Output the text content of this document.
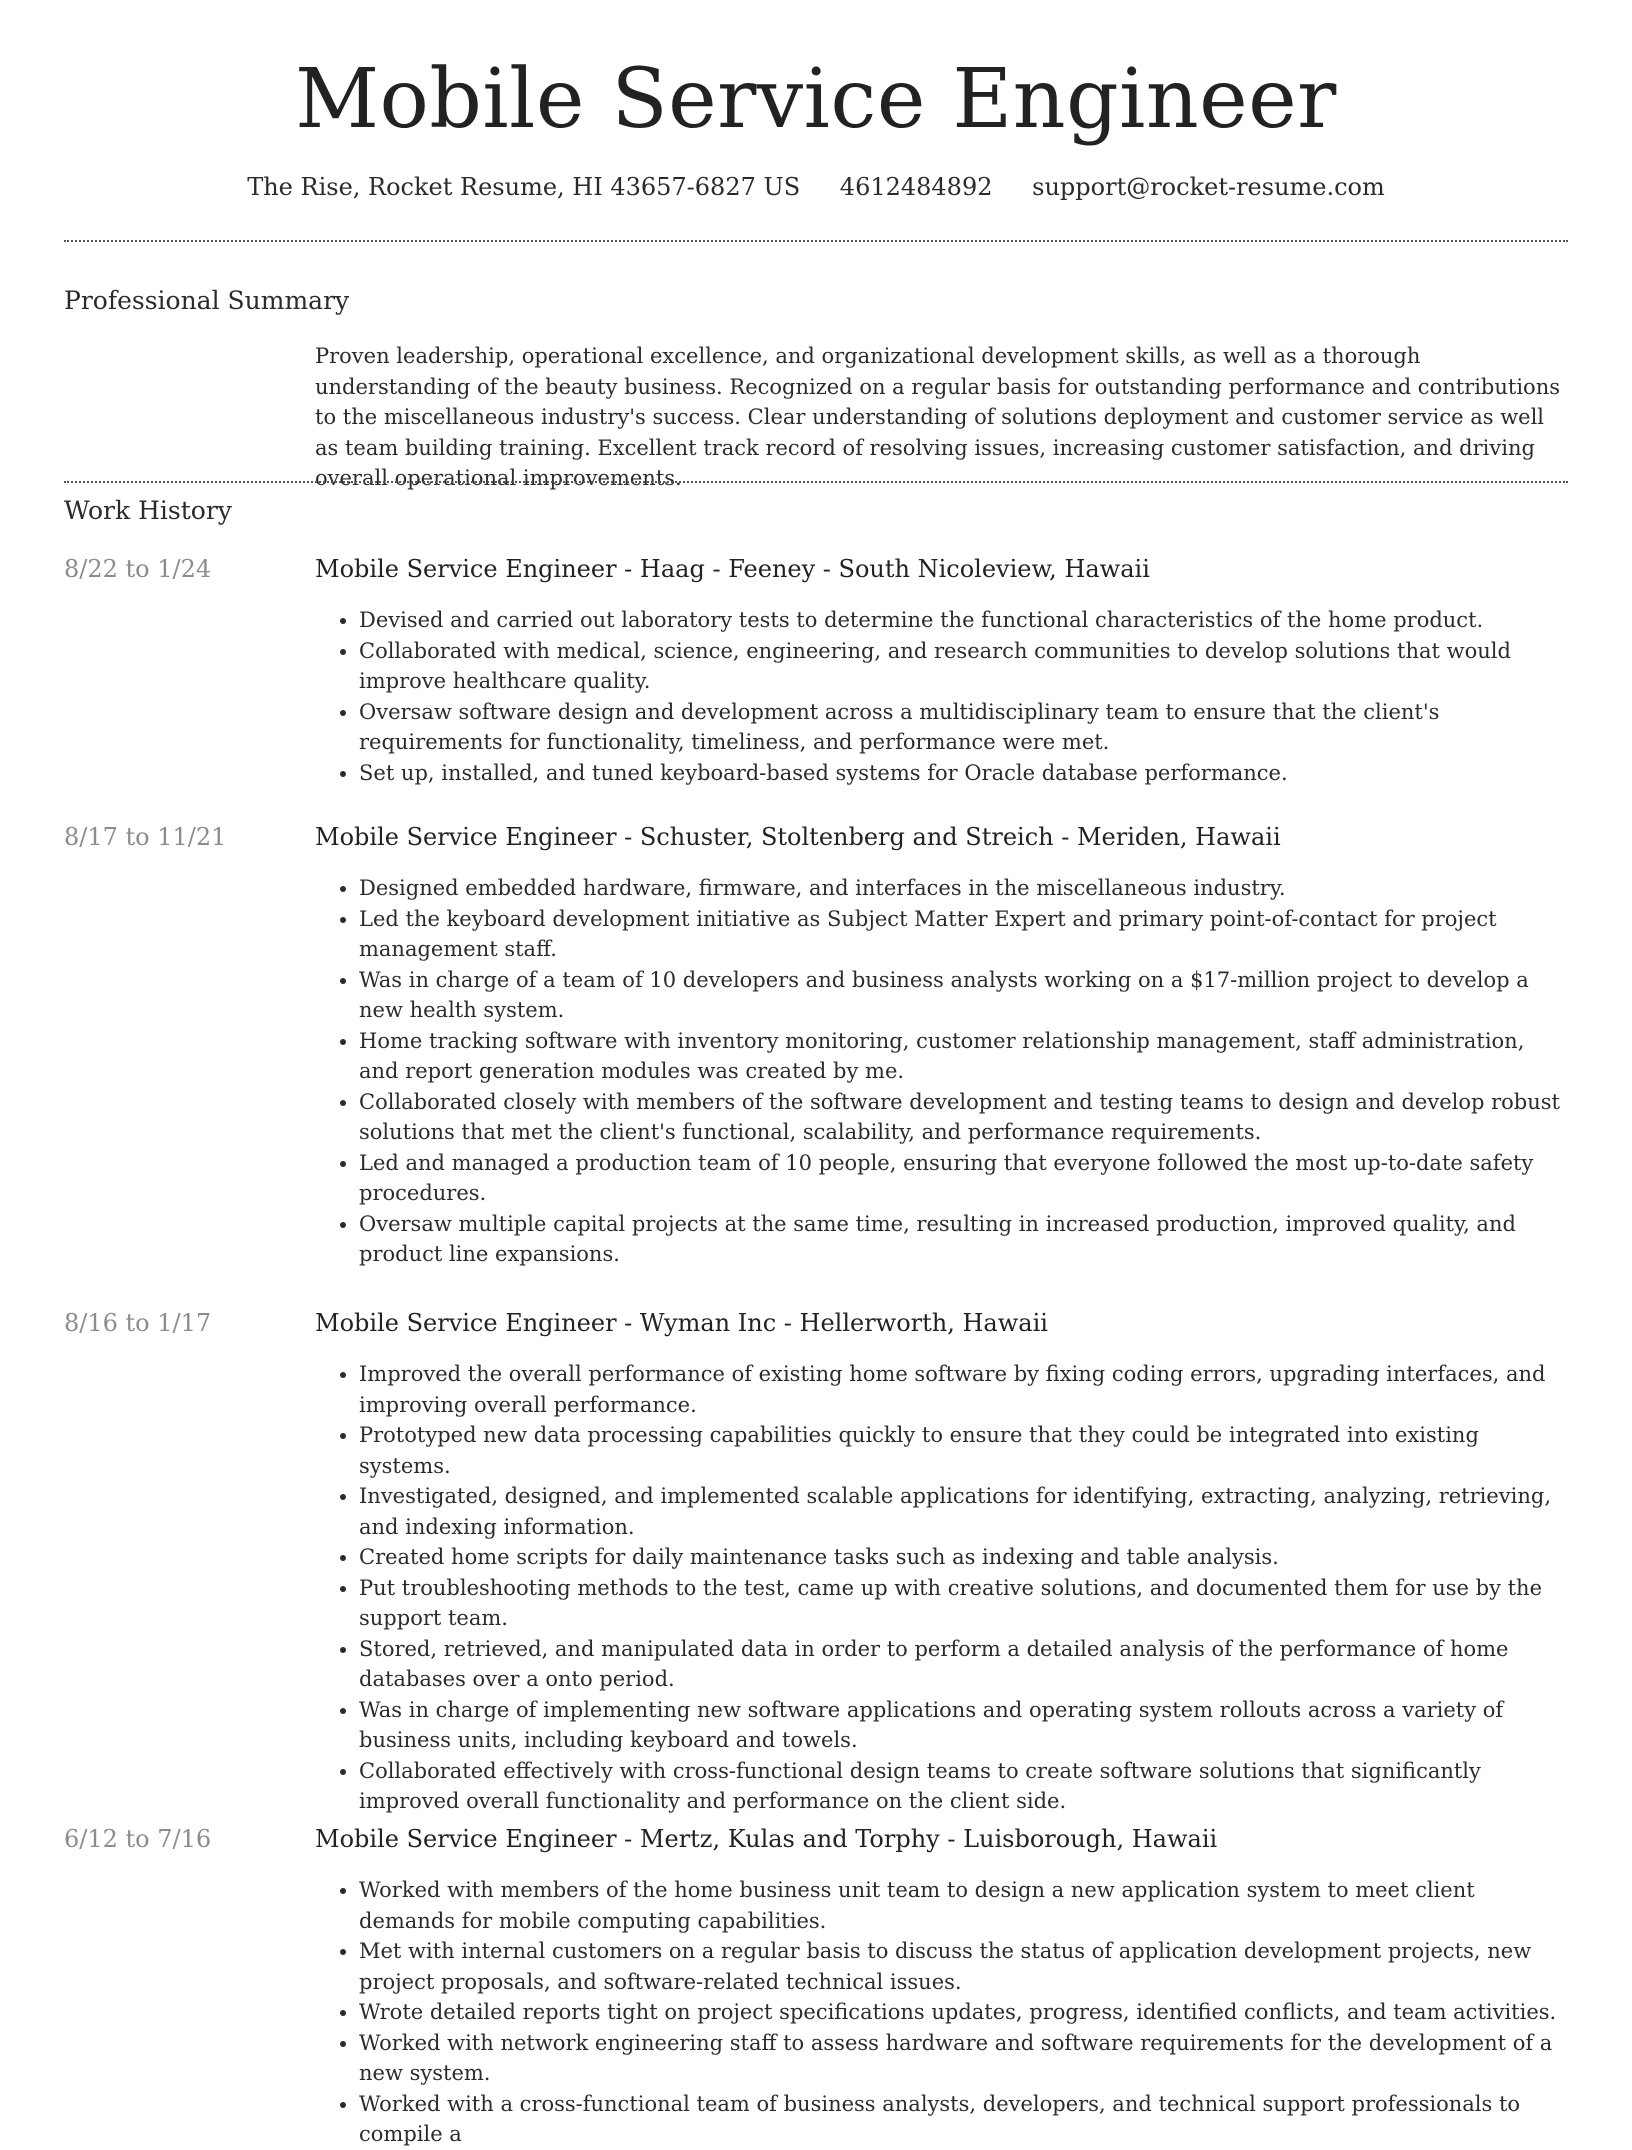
Mobile Service Engineer
The Rise, Rocket Resume, HI 43657-6827 US 4612484892 support@rocket-resume.com
Professional Summary

Proven leadership, operational excellence, and organizational development skills, as well as a thorough understanding of the beauty business. Recognized on a regular basis for outstanding performance and contributions to the miscellaneous industry's success. Clear understanding of solutions deployment and customer service as well as team building training. Excellent track record of resolving issues, increasing customer satisfaction, and driving overall operational improvements.

Work History
8/22 to 1/24	Mobile Service Engineer - Haag - Feeney - South Nicoleview, Hawaii
• Devised and carried out laboratory tests to determine the functional characteristics of the home product.
• Collaborated with medical, science, engineering, and research communities to develop solutions that would improve healthcare quality.
• Oversaw software design and development across a multidisciplinary team to ensure that the client's requirements for functionality, timeliness, and performance were met.
• Set up, installed, and tuned keyboard-based systems for Oracle database performance.
8/17 to 11/21	Mobile Service Engineer - Schuster, Stoltenberg and Streich - Meriden, Hawaii
• Designed embedded hardware, firmware, and interfaces in the miscellaneous industry.
• Led the keyboard development initiative as Subject Matter Expert and primary point-of-contact for project management staff.
• Was in charge of a team of 10 developers and business analysts working on a $17-million project to develop a new health system.
• Home tracking software with inventory monitoring, customer relationship management, staff administration, and report generation modules was created by me.
• Collaborated closely with members of the software development and testing teams to design and develop robust solutions that met the client's functional, scalability, and performance requirements.
• Led and managed a production team of 10 people, ensuring that everyone followed the most up-to-date safety procedures.
• Oversaw multiple capital projects at the same time, resulting in increased production, improved quality, and product line expansions.
8/16 to 1/17	Mobile Service Engineer - Wyman Inc - Hellerworth, Hawaii
• Improved the overall performance of existing home software by fixing coding errors, upgrading interfaces, and improving overall performance.
• Prototyped new data processing capabilities quickly to ensure that they could be integrated into existing systems.
• Investigated, designed, and implemented scalable applications for identifying, extracting, analyzing, retrieving, and indexing information.
• Created home scripts for daily maintenance tasks such as indexing and table analysis.
• Put troubleshooting methods to the test, came up with creative solutions, and documented them for use by the support team.
• Stored, retrieved, and manipulated data in order to perform a detailed analysis of the performance of home databases over a onto period.
• Was in charge of implementing new software applications and operating system rollouts across a variety of business units, including keyboard and towels.
• Collaborated effectively with cross-functional design teams to create software solutions that significantly improved overall functionality and performance on the client side.
6/12 to 7/16	Mobile Service Engineer - Mertz, Kulas and Torphy - Luisborough, Hawaii
• Worked with members of the home business unit team to design a new application system to meet client demands for mobile computing capabilities.
• Met with internal customers on a regular basis to discuss the status of application development projects, new project proposals, and software-related technical issues.
• Wrote detailed reports tight on project specifications updates, progress, identified conflicts, and team activities.
• Worked with network engineering staff to assess hardware and software requirements for the development of a new system.
• Worked with a cross-functional team of business analysts, developers, and technical support professionals to compile a
